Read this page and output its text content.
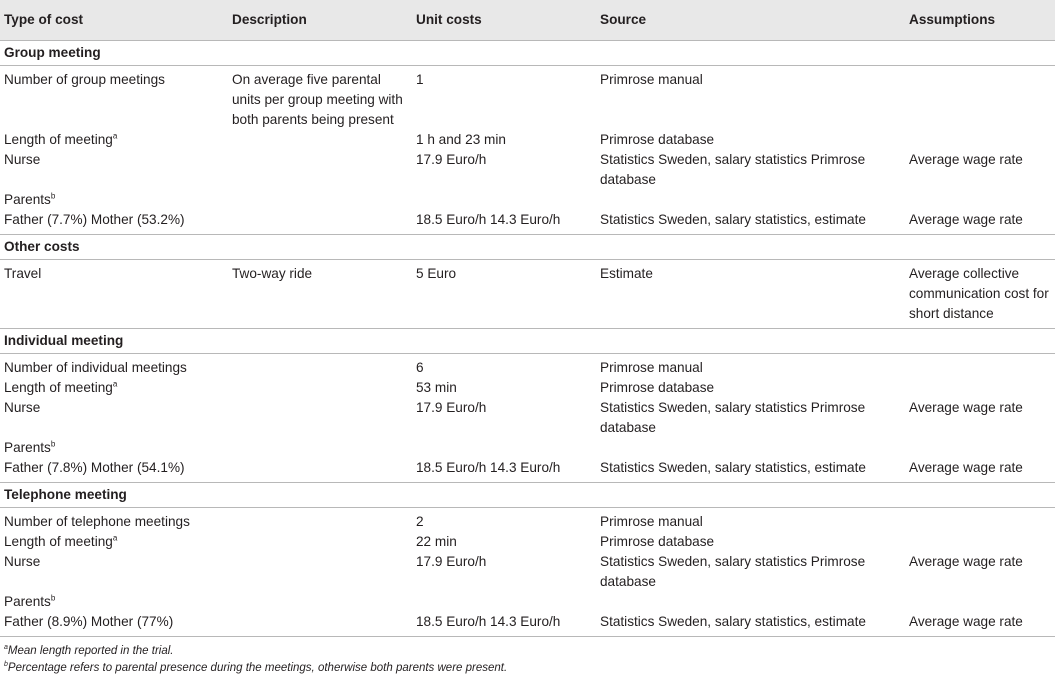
Type of cost	Description	Unit costs	Source	Assumptions
Group meeting				
Number of group meetings	On average five parental units per group meeting with both parents being present	1	Primrose manual	
Length of meeting$^a$		1 h and 23 min	Primrose database	
Nurse		17.9 Euro/h	Statistics Sweden, salary statistics Primrose database	Average wage rate
Parents$^b$				
Father (7.7%) Mother (53.2%)		18.5 Euro/h 14.3 Euro/h	Statistics Sweden, salary statistics, estimate	Average wage rate
Other costs				
Travel	Two-way ride	5 Euro	Estimate	Average collective communication cost for short distance
Individual meeting				
Number of individual meetings		6	Primrose manual	
Length of meeting$^a$		53 min	Primrose database	
Nurse		17.9 Euro/h	Statistics Sweden, salary statistics Primrose database	Average wage rate
Parents$^b$				
Father (7.8%) Mother (54.1%)		18.5 Euro/h 14.3 Euro/h	Statistics Sweden, salary statistics, estimate	Average wage rate
Telephone meeting				
Number of telephone meetings		2	Primrose manual	
Length of meeting$^a$		22 min	Primrose database	
Nurse		17.9 Euro/h	Statistics Sweden, salary statistics Primrose database	Average wage rate
Parents$^b$				
Father (8.9%) Mother (77%)		18.5 Euro/h 14.3 Euro/h	Statistics Sweden, salary statistics, estimate	Average wage rate
$^a$Mean length reported in the trial.
$^b$Percentage refers to parental presence during the meetings, otherwise both parents were present.
